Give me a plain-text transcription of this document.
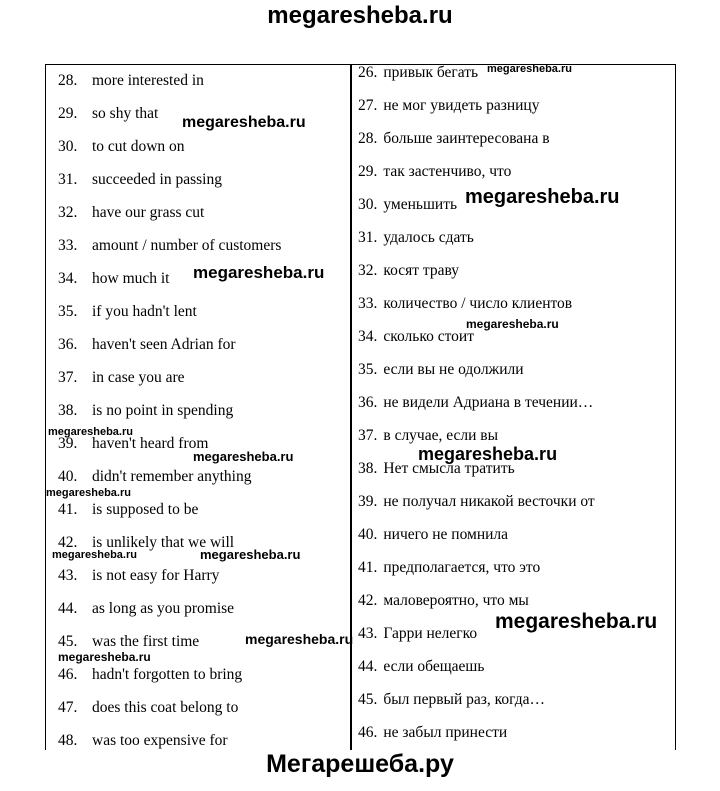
megaresheba.ru
28. more interested in
29. so shy that
30. to cut down on
31. succeeded in passing
32. have our grass cut
33. amount / number of customers
34. how much it
35. if you hadn't lent
36. haven't seen Adrian for
37. in case you are
38. is no point in spending
39. haven't heard from
40. didn't remember anything
41. is supposed to be
42. is unlikely that we will
43. is not easy for Harry
44. as long as you promise
45. was the first time
46. hadn't forgotten to bring
47. does this coat belong to
48. was too expensive for
26. привык бегать
27. не мог увидеть разницу
28. больше заинтересована в
29. так застенчиво, что
30. уменьшить
31. удалось сдать
32. косят траву
33. количество / число клиентов
34. сколько стоит
35. если вы не одолжили
36. не видели Адриана в течении…
37. в случае, если вы
38. Нет смысла тратить
39. не получал никакой весточки от
40. ничего не помнила
41. предполагается, что это
42. маловероятно, что мы
43. Гарри нелегко
44. если обещаешь
45. был первый раз, когда…
46. не забыл принести
megaresheba.ru
megaresheba.ru
megaresheba.ru
megaresheba.ru
megaresheba.ru
megaresheba.ru
megaresheba.ru	megaresheba.ru
megaresheba.ru
megaresheba.ru	megaresheba.ru
megaresheba.ru
megaresheba.ru
megaresheba.ru
Мегарешеба.ру
